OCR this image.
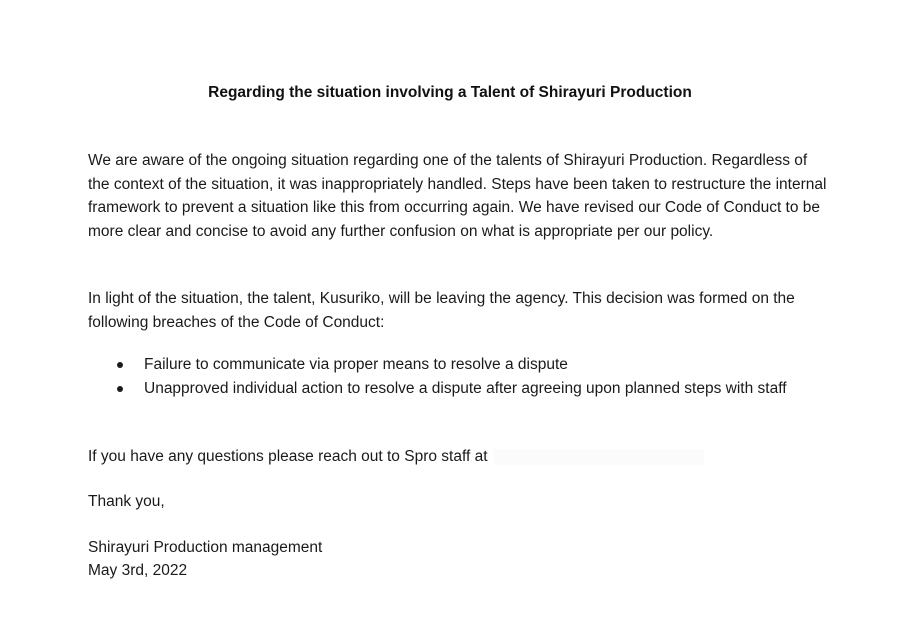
Regarding the situation involving a Talent of Shirayuri Production

We are aware of the ongoing situation regarding one of the talents of Shirayuri Production. Regardless of the context of the situation, it was inappropriately handled. Steps have been taken to restructure the internal framework to prevent a situation like this from occurring again. We have revised our Code of Conduct to be more clear and concise to avoid any further confusion on what is appropriate per our policy.

In light of the situation, the talent, Kusuriko, will be leaving the agency. This decision was formed on the following breaches of the Code of Conduct:

Failure to communicate via proper means to resolve a dispute
Unapproved individual action to resolve a dispute after agreeing upon planned steps with staff

If you have any questions please reach out to Spro staff at

Thank you,

Shirayuri Production management

May 3rd, 2022
